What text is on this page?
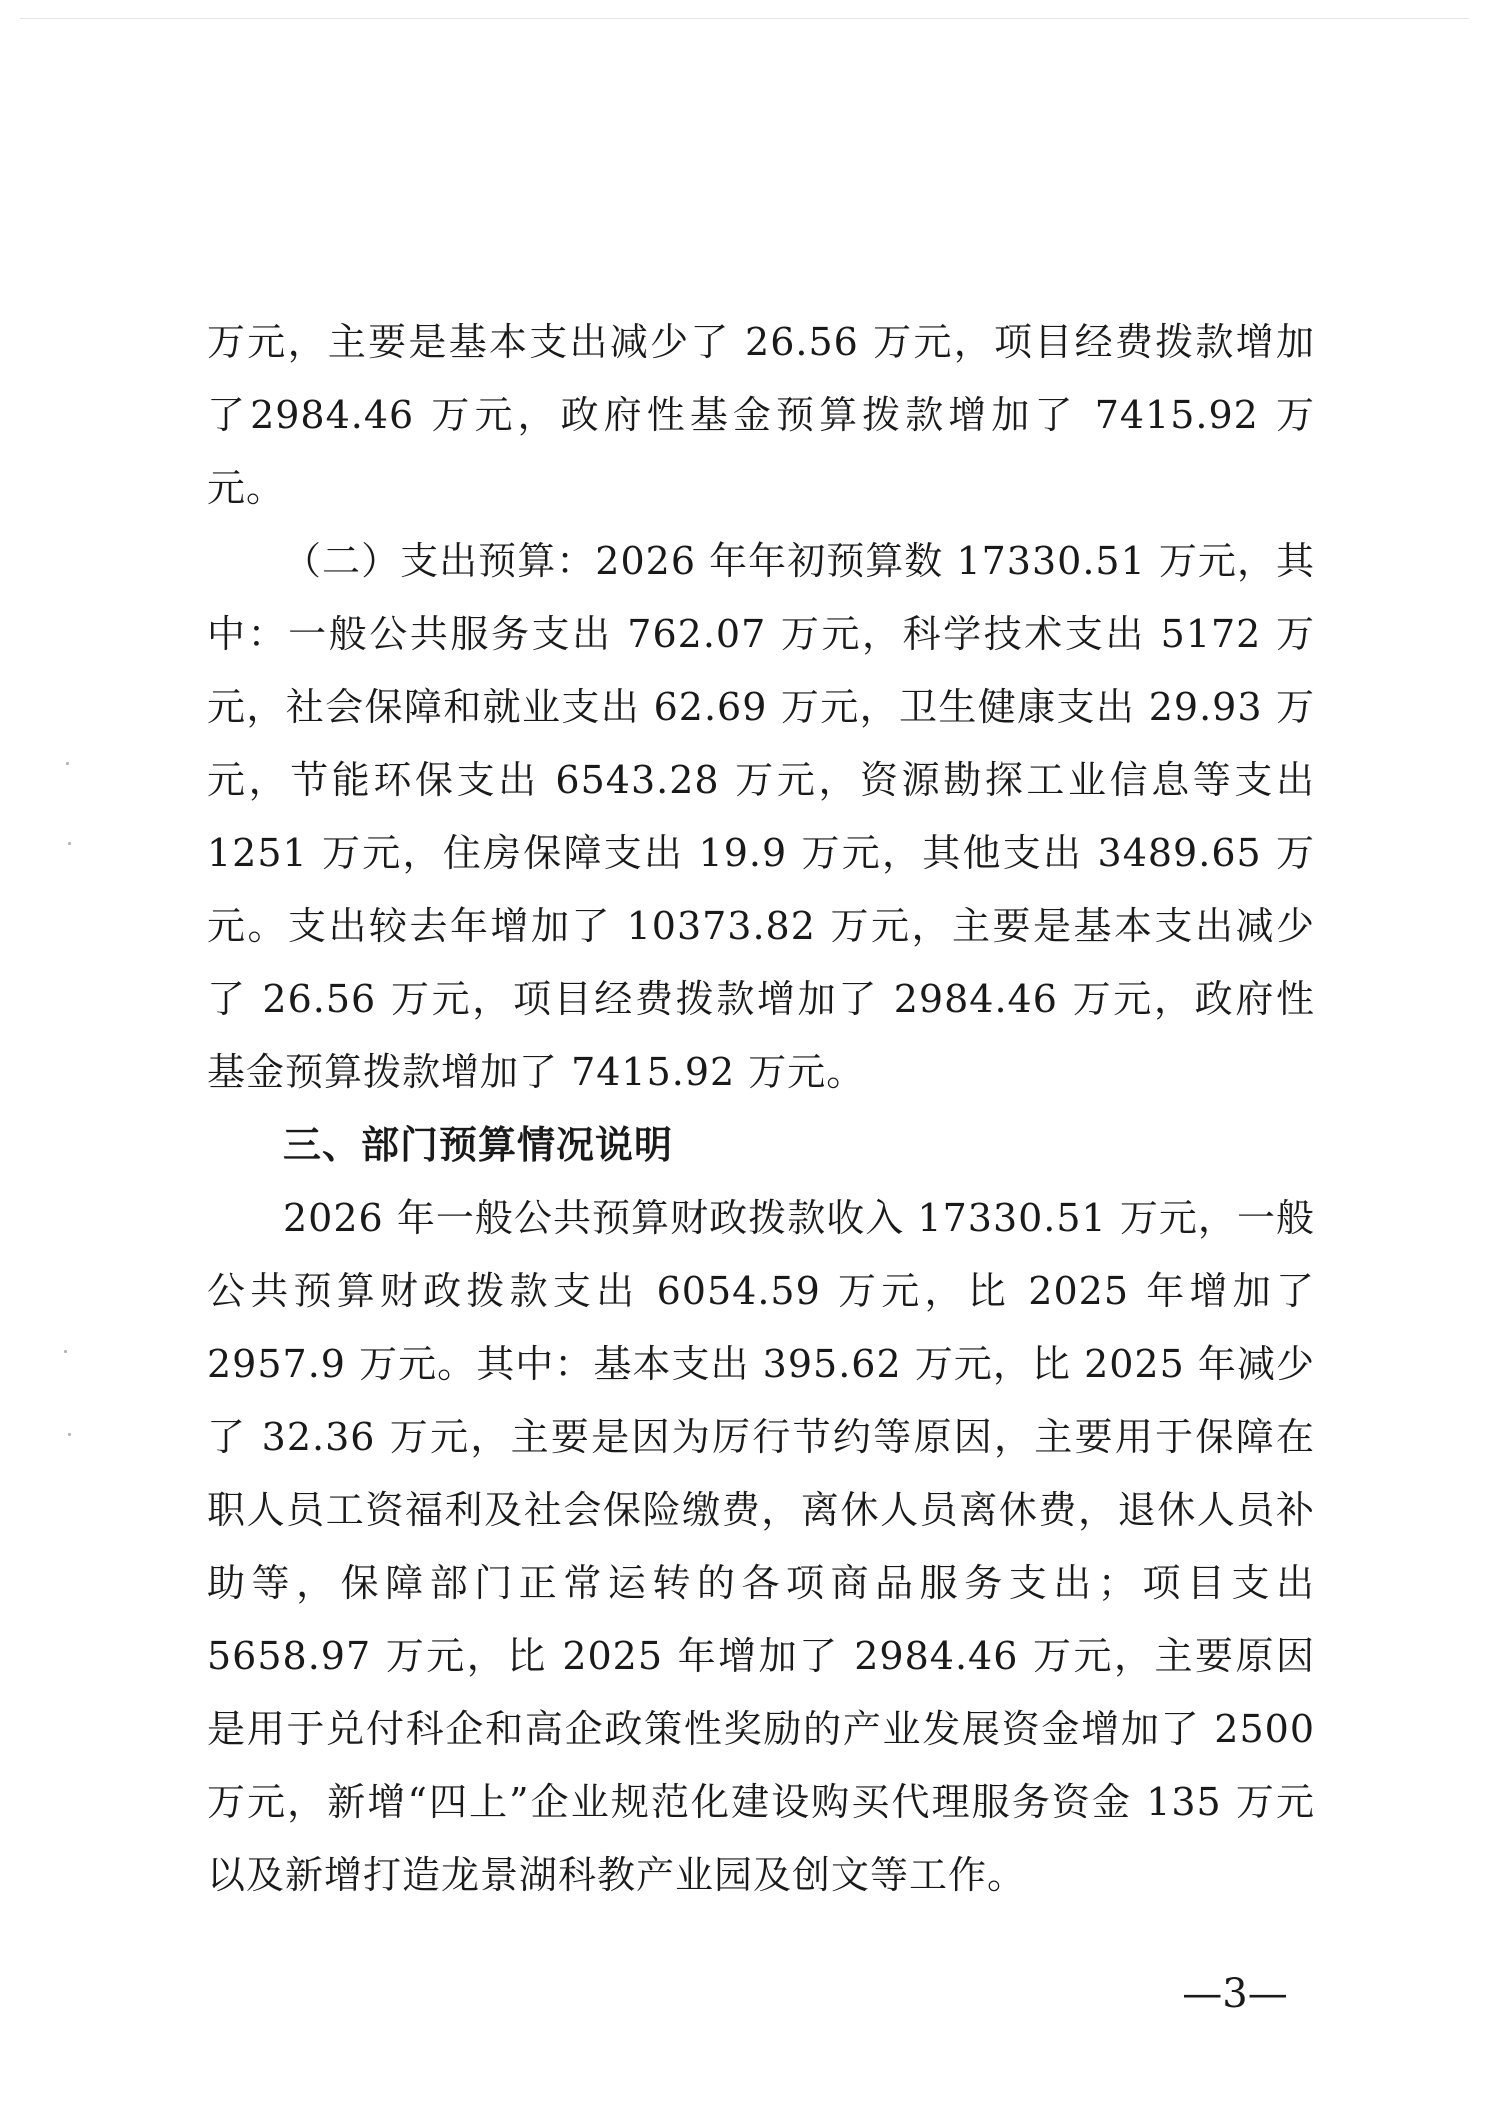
万元，主要是基本支出减少了 26.56 万元，项目经费拨款增加了2984.46 万元，政府性基金预算拨款增加了 7415.92 万元。

（二）支出预算：2026 年年初预算数 17330.51 万元，其中：一般公共服务支出 762.07 万元，科学技术支出 5172 万元，社会保障和就业支出 62.69 万元，卫生健康支出 29.93 万元，节能环保支出 6543.28 万元，资源勘探工业信息等支出 1251 万元，住房保障支出 19.9 万元，其他支出 3489.65 万元。支出较去年增加了 10373.82 万元，主要是基本支出减少了 26.56 万元，项目经费拨款增加了 2984.46 万元，政府性基金预算拨款增加了 7415.92 万元。

三、部门预算情况说明

2026 年一般公共预算财政拨款收入 17330.51 万元，一般公共预算财政拨款支出 6054.59 万元，比 2025 年增加了 2957.9 万元。其中：基本支出 395.62 万元，比 2025 年减少了 32.36 万元，主要是因为厉行节约等原因，主要用于保障在职人员工资福利及社会保险缴费，离休人员离休费，退休人员补助等，保障部门正常运转的各项商品服务支出；项目支出 5658.97 万元，比 2025 年增加了 2984.46 万元，主要原因是用于兑付科企和高企政策性奖励的产业发展资金增加了 2500 万元，新增“四上”企业规范化建设购买代理服务资金 135 万元以及新增打造龙景湖科教产业园及创文等工作。

—3—
